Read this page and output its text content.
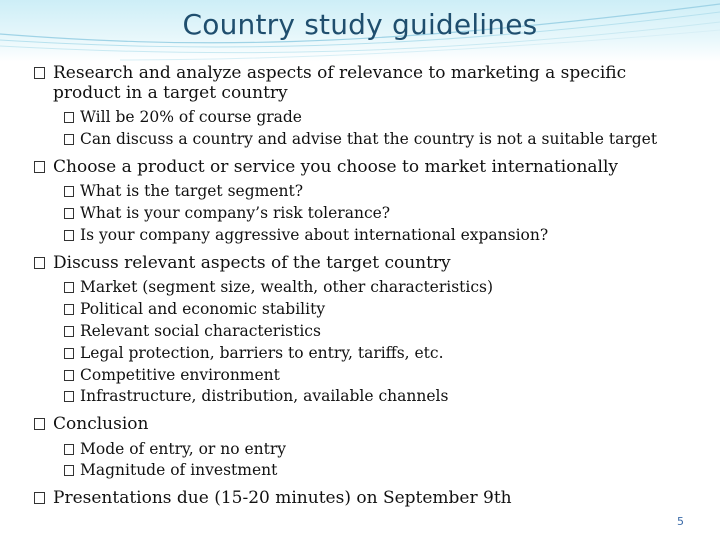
Country study guidelines
Research and analyze aspects of relevance to marketing a specific
product in a target country
Will be 20% of course grade
Can discuss a country and advise that the country is not a suitable target
Choose a product or service you choose to market internationally
What is the target segment?
What is your company’s risk tolerance?
Is your company aggressive about international expansion?
Discuss relevant aspects of the target country
Market (segment size, wealth, other characteristics)
Political and economic stability
Relevant social characteristics
Legal protection, barriers to entry, tariffs, etc.
Competitive environment
Infrastructure, distribution, available channels
Conclusion
Mode of entry, or no entry
Magnitude of investment
Presentations due (15-20 minutes) on September 9th
5
